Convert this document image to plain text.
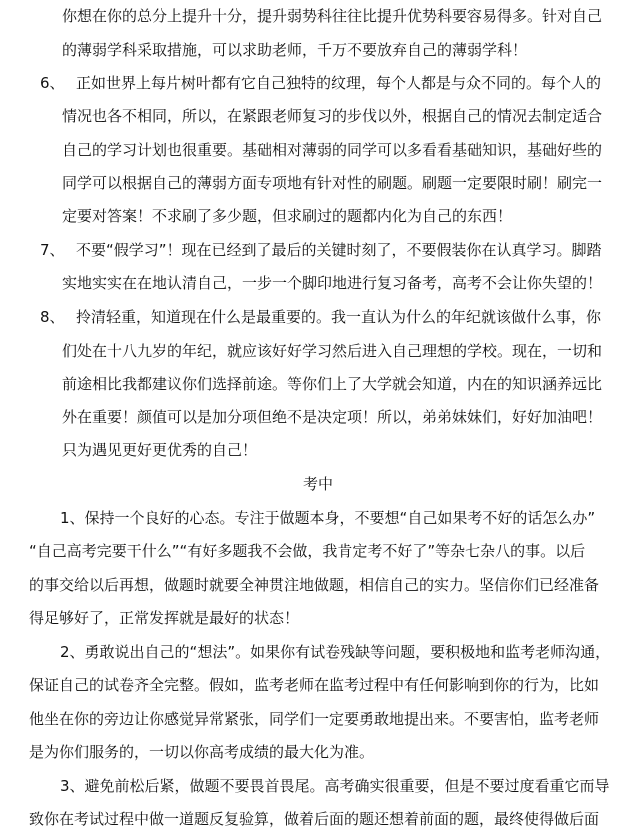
你想在你的总分上提升十分，提升弱势科往往比提升优势科要容易得多。针对自己
的薄弱学科采取措施，可以求助老师，千万不要放弃自己的薄弱学科！
6、 正如世界上每片树叶都有它自己独特的纹理，每个人都是与众不同的。每个人的
情况也各不相同，所以，在紧跟老师复习的步伐以外，根据自己的情况去制定适合
自己的学习计划也很重要。基础相对薄弱的同学可以多看看基础知识，基础好些的
同学可以根据自己的薄弱方面专项地有针对性的刷题。刷题一定要限时刷！刷完一
定要对答案！不求刷了多少题，但求刷过的题都内化为自己的东西！
7、 不要“假学习”！现在已经到了最后的关键时刻了，不要假装你在认真学习。脚踏
实地实实在在地认清自己，一步一个脚印地进行复习备考，高考不会让你失望的！
8、 拎清轻重，知道现在什么是最重要的。我一直认为什么的年纪就该做什么事，你
们处在十八九岁的年纪，就应该好好学习然后进入自己理想的学校。现在，一切和
前途相比我都建议你们选择前途。等你们上了大学就会知道，内在的知识涵养远比
外在重要！颜值可以是加分项但绝不是决定项！所以，弟弟妹妹们，好好加油吧！
只为遇见更好更优秀的自己！
考中
1、保持一个良好的心态。专注于做题本身，不要想“自己如果考不好的话怎么办”
“自己高考完要干什么”“有好多题我不会做，我肯定考不好了”等杂七杂八的事。以后
的事交给以后再想，做题时就要全神贯注地做题，相信自己的实力。坚信你们已经准备
得足够好了，正常发挥就是最好的状态！
2、勇敢说出自己的“想法”。如果你有试卷残缺等问题，要积极地和监考老师沟通，
保证自己的试卷齐全完整。假如，监考老师在监考过程中有任何影响到你的行为，比如
他坐在你的旁边让你感觉异常紧张，同学们一定要勇敢地提出来。不要害怕，监考老师
是为你们服务的，一切以你高考成绩的最大化为准。
3、避免前松后紧，做题不要畏首畏尾。高考确实很重要，但是不要过度看重它而导
致你在考试过程中做一道题反复验算，做着后面的题还想着前面的题，最终使得做后面
